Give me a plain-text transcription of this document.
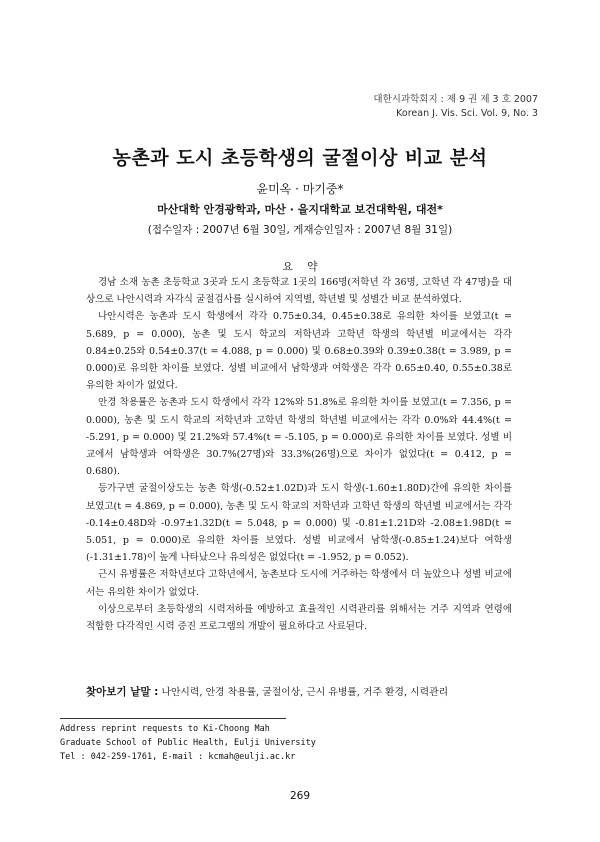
대한시과학회지 : 제 9 권 제 3 호 2007
Korean J. Vis. Sci. Vol. 9, No. 3
농촌과 도시 초등학생의 굴절이상 비교 분석
윤미옥 · 마기중*
마산대학 안경광학과, 마산 · 을지대학교 보건대학원, 대전*
(접수일자 : 2007년 6월 30일, 게재승인일자 : 2007년 8월 31일)
요약

경남 소재 농촌 초등학교 3곳과 도시 초등학교 1곳의 166명(저학년 각 36명, 고학년 각 47명)을 대상으로 나안시력과 자각식 굴절검사를 실시하여 지역별, 학년별 및 성별간 비교 분석하였다.

나안시력은 농촌과 도시 학생에서 각각 0.75±0.34, 0.45±0.38로 유의한 차이를 보였고(t = 5.689, p = 0.000), 농촌 및 도시 학교의 저학년과 고학년 학생의 학년별 비교에서는 각각 0.84±0.25와 0.54±0.37(t = 4.088, p = 0.000) 및 0.68±0.39와 0.39±0.38(t = 3.989, p = 0.000)로 유의한 차이를 보였다. 성별 비교에서 남학생과 여학생은 각각 0.65±0.40, 0.55±0.38로 유의한 차이가 없었다.

안경 착용률은 농촌과 도시 학생에서 각각 12%와 51.8%로 유의한 차이를 보였고(t = 7.356, p = 0.000), 농촌 및 도시 학교의 저학년과 고학년 학생의 학년별 비교에서는 각각 0.0%와 44.4%(t = -5.291, p = 0.000) 및 21.2%와 57.4%(t = -5.105, p = 0.000)로 유의한 차이를 보였다. 성별 비교에서 남학생과 여학생은 30.7%(27명)와 33.3%(26명)으로 차이가 없었다(t = 0.412, p = 0.680).

등가구면 굴절이상도는 농촌 학생(-0.52±1.02D)과 도시 학생(-1.60±1.80D)간에 유의한 차이를 보였고(t = 4.869, p = 0.000), 농촌 및 도시 학교의 저학년과 고학년 학생의 학년별 비교에서는 각각 -0.14±0.48D와 -0.97±1.32D(t = 5.048, p = 0.000) 및 -0.81±1.21D와 -2.08±1.98D(t = 5.051, p = 0.000)로 유의한 차이를 보였다. 성별 비교에서 남학생(-0.85±1.24)보다 여학생(-1.31±1.78)이 높게 나타났으나 유의성은 없었다(t = -1.952, p = 0.052).

근시 유병률은 저학년보다 고학년에서, 농촌보다 도시에 거주하는 학생에서 더 높았으나 성별 비교에서는 유의한 차이가 없었다.

이상으로부터 초등학생의 시력저하를 예방하고 효율적인 시력관리를 위해서는 거주 지역과 연령에 적합한 다각적인 시력 증진 프로그램의 개발이 필요하다고 사료된다.

찾아보기 낱말 : 나안시력, 안경 착용률, 굴절이상, 근시 유병률, 거주 환경, 시력관리
Address reprint requests to Ki-Choong Mah
Graduate School of Public Health, Eulji University
Tel : 042-259-1761, E-mail : kcmah@eulji.ac.kr
269
